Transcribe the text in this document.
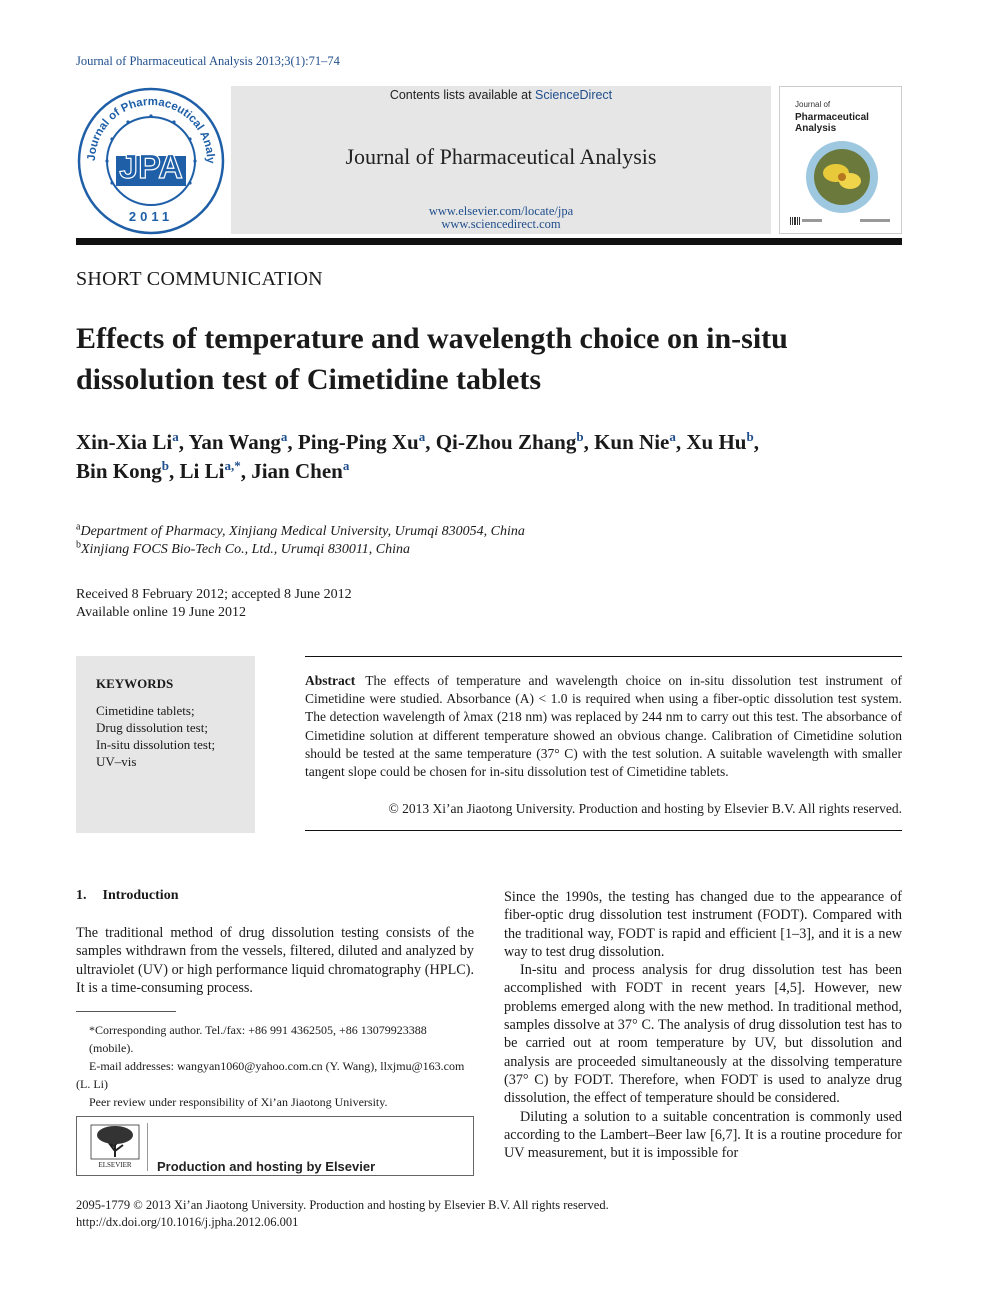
Journal of Pharmaceutical Analysis 2013;3(1):71–74
Journal of Pharmaceutical Analy
JPA
2011
Contents lists available at ScienceDirect
Journal of Pharmaceutical Analysis
www.elsevier.com/locate/jpa
www.sciencedirect.com
Journal of
Pharmaceutical
Analysis
SHORT COMMUNICATION
Effects of temperature and wavelength choice on in-situ dissolution test of Cimetidine tablets
Xin-Xia Li$^a$, Yan Wang$^a$, Ping-Ping Xu$^a$, Qi-Zhou Zhang$^b$, Kun Nie$^a$, Xu Hu$^b$,
Bin Kong$^b$, Li Li$^{a,*}$, Jian Chen$^a$
$^a$Department of Pharmacy, Xinjiang Medical University, Urumqi 830054, China
$^b$Xinjiang FOCS Bio-Tech Co., Ltd., Urumqi 830011, China
Received 8 February 2012; accepted 8 June 2012
Available online 19 June 2012
KEYWORDS
Cimetidine tablets;
Drug dissolution test;
In-situ dissolution test;
UV–vis
Abstract The effects of temperature and wavelength choice on in-situ dissolution test instrument of Cimetidine were studied. Absorbance (A) < 1.0 is required when using a fiber-optic dissolution test system. The detection wavelength of λmax (218 nm) was replaced by 244 nm to carry out this test. The absorbance of Cimetidine solution at different temperature showed an obvious change. Calibration of Cimetidine solution should be tested at the same temperature (37° C) with the test solution. A suitable wavelength with smaller tangent slope could be chosen for in-situ dissolution test of Cimetidine tablets.
© 2013 Xi’an Jiaotong University. Production and hosting by Elsevier B.V. All rights reserved.
1. Introduction

The traditional method of drug dissolution testing consists of the samples withdrawn from the vessels, filtered, diluted and analyzed by ultraviolet (UV) or high performance liquid chromatography (HPLC). It is a time-consuming process.

*Corresponding author. Tel./fax: +86 991 4362505, +86 13079923388 (mobile).
E-mail addresses: wangyan1060@yahoo.com.cn (Y. Wang), llxjmu@163.com (L. Li)
Peer review under responsibility of Xi’an Jiaotong University.
ELSEVIER Production and hosting by Elsevier

Since the 1990s, the testing has changed due to the appearance of fiber-optic drug dissolution test instrument (FODT). Compared with the traditional way, FODT is rapid and efficient [1–3], and it is a new way to test drug dissolution.

In-situ and process analysis for drug dissolution test has been accomplished with FODT in recent years [4,5]. However, new problems emerged along with the new method. In traditional method, samples dissolve at 37° C. The analysis of drug dissolution test has to be carried out at room temperature by UV, but dissolution and analysis are proceeded simultaneously at the dissolving temperature (37° C) by FODT. Therefore, when FODT is used to analyze drug dissolution, the effect of temperature should be considered.

Diluting a solution to a suitable concentration is commonly used according to the Lambert–Beer law [6,7]. It is a routine procedure for UV measurement, but it is impossible for

2095-1779 © 2013 Xi’an Jiaotong University. Production and hosting by Elsevier B.V. All rights reserved.
http://dx.doi.org/10.1016/j.jpha.2012.06.001
